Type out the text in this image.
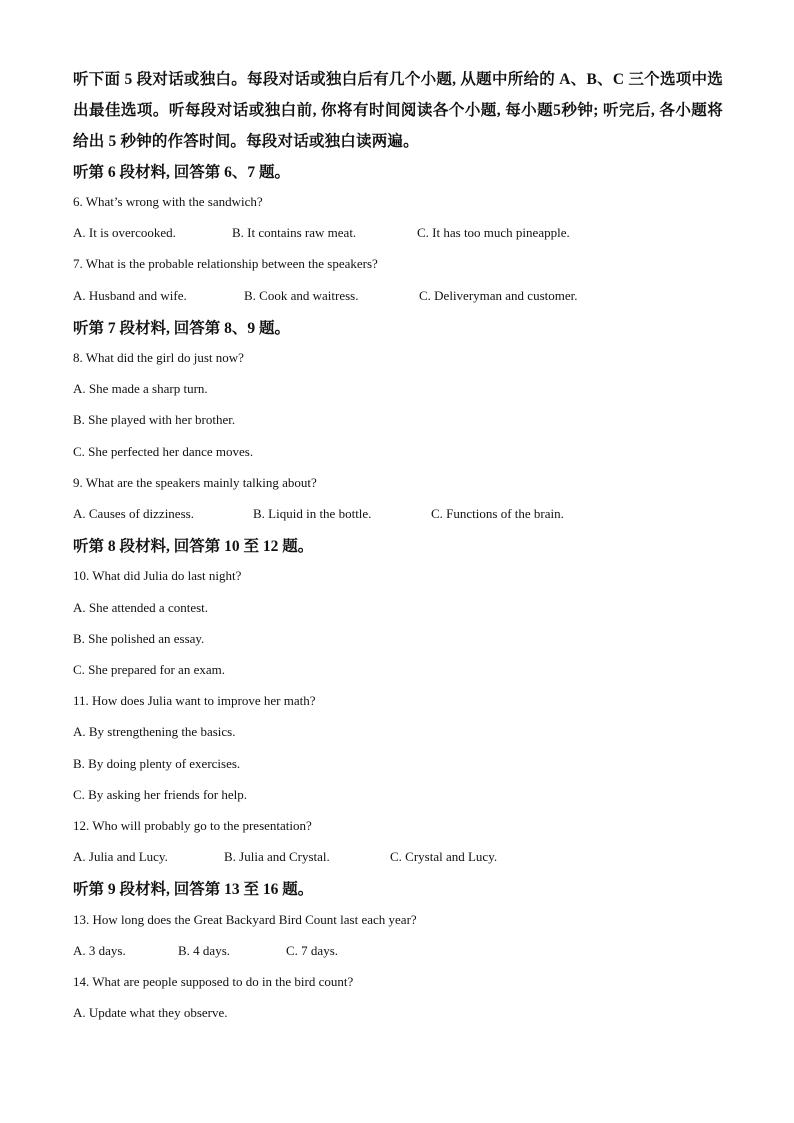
听下面 5 段对话或独白。每段对话或独白后有几个小题, 从题中所给的 A、B、C 三个选项中选出最佳选项。听每段对话或独白前, 你将有时间阅读各个小题, 每小题5秒钟; 听完后, 各小题将给出 5 秒钟的作答时间。每段对话或独白读两遍。
听第 6 段材料, 回答第 6、7 题。
6. What’s wrong with the sandwich?
A. It is overcooked.	B. It contains raw meat.	C. It has too much pineapple.
7. What is the probable relationship between the speakers?
A. Husband and wife.	B. Cook and waitress.	C. Deliveryman and customer.
听第 7 段材料, 回答第 8、9 题。
8. What did the girl do just now?
A. She made a sharp turn.
B. She played with her brother.
C. She perfected her dance moves.
9. What are the speakers mainly talking about?
A. Causes of dizziness.	B. Liquid in the bottle.	C. Functions of the brain.
听第 8 段材料, 回答第 10 至 12 题。
10. What did Julia do last night?
A. She attended a contest.
B. She polished an essay.
C. She prepared for an exam.
11. How does Julia want to improve her math?
A. By strengthening the basics.
B. By doing plenty of exercises.
C. By asking her friends for help.
12. Who will probably go to the presentation?
A. Julia and Lucy.	B. Julia and Crystal.	C. Crystal and Lucy.
听第 9 段材料, 回答第 13 至 16 题。
13. How long does the Great Backyard Bird Count last each year?
A. 3 days.	B. 4 days.	C. 7 days.
14. What are people supposed to do in the bird count?
A. Update what they observe.
